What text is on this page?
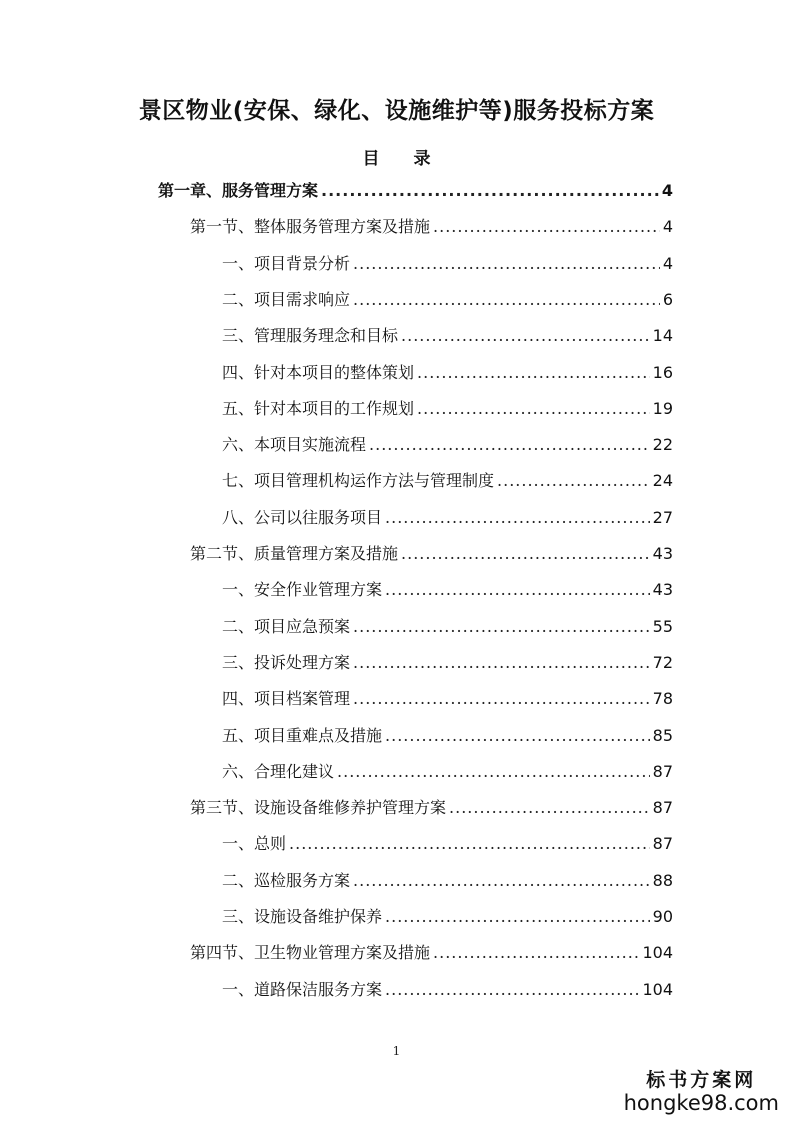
景区物业(安保、绿化、设施维护等)服务投标方案
目 录
第一章、服务管理方案 .....	4
第一节、整体服务管理方案及措施 .....	4
一、项目背景分析 .....	4
二、项目需求响应 .....	6
三、管理服务理念和目标 .....	14
四、针对本项目的整体策划 .....	16
五、针对本项目的工作规划 .....	19
六、本项目实施流程 .....	22
七、项目管理机构运作方法与管理制度 .....	24
八、公司以往服务项目 .....	27
第二节、质量管理方案及措施 .....	43
一、安全作业管理方案 .....	43
二、项目应急预案 .....	55
三、投诉处理方案 .....	72
四、项目档案管理 .....	78
五、项目重难点及措施 .....	85
六、合理化建议 .....	87
第三节、设施设备维修养护管理方案 .....	87
一、总则 .....	87
二、巡检服务方案 .....	88
三、设施设备维护保养 .....	90
第四节、卫生物业管理方案及措施 .....	104
一、道路保洁服务方案 .....	104
1
标书方案网
hongke98.com
